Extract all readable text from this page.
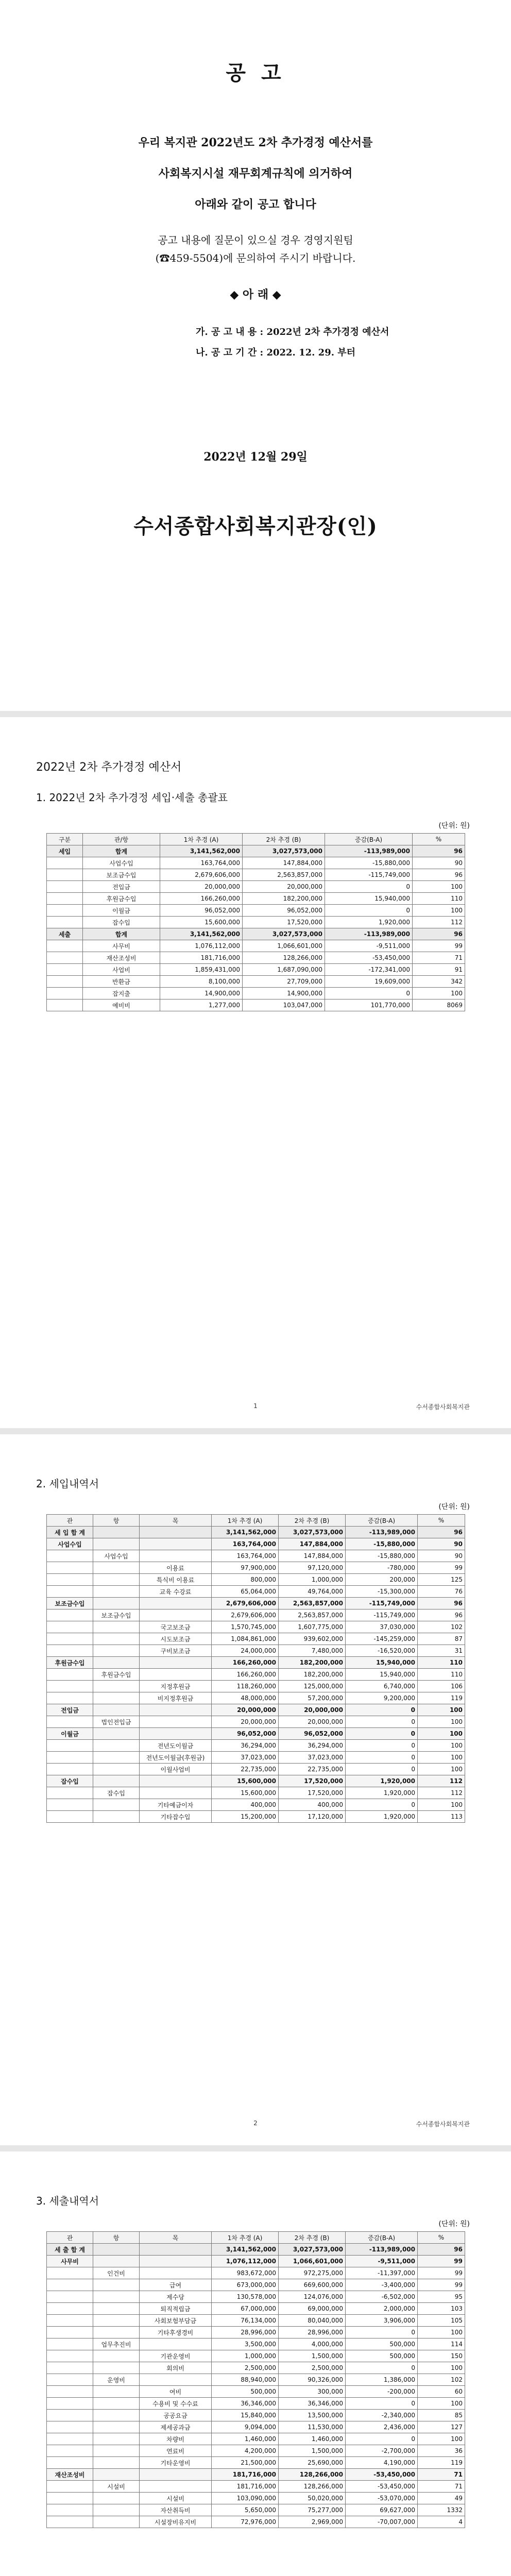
공 고
우리 복지관 2022년도 2차 추가경정 예산서를
사회복지시설 재무회계규칙에 의거하여
아래와 같이 공고 합니다
공고 내용에 질문이 있으실 경우 경영지원팀
(☎459-5504)에 문의하여 주시기 바랍니다.
◆ 아 래 ◆
가. 공 고 내 용 : 2022년 2차 추가경정 예산서
나. 공 고 기 간 : 2022. 12. 29. 부터
2022년 12월 29일
수서종합사회복지관장(인)
2022년 2차 추가경정 예산서
1. 2022년 2차 추가경정 세입·세출 총괄표
(단위: 원)
구분	관/항	1차 추경 (A)	2차 추경 (B)	증감(B-A)	%
세입	합계	3,141,562,000	3,027,573,000	-113,989,000	96
	사업수입	163,764,000	147,884,000	-15,880,000	90
	보조금수입	2,679,606,000	2,563,857,000	-115,749,000	96
	전입금	20,000,000	20,000,000	0	100
	후원금수입	166,260,000	182,200,000	15,940,000	110
	이월금	96,052,000	96,052,000	0	100
	잡수입	15,600,000	17,520,000	1,920,000	112
세출	합계	3,141,562,000	3,027,573,000	-113,989,000	96
	사무비	1,076,112,000	1,066,601,000	-9,511,000	99
	재산조성비	181,716,000	128,266,000	-53,450,000	71
	사업비	1,859,431,000	1,687,090,000	-172,341,000	91
	반환금	8,100,000	27,709,000	19,609,000	342
	잡지출	14,900,000	14,900,000	0	100
	예비비	1,277,000	103,047,000	101,770,000	8069
1	수서종합사회복지관
2. 세입내역서
(단위: 원)
관	항	목	1차 추경 (A)	2차 추경 (B)	증감(B-A)	%
세 입 합 계			3,141,562,000	3,027,573,000	-113,989,000	96
사업수입			163,764,000	147,884,000	-15,880,000	90
	사업수입		163,764,000	147,884,000	-15,880,000	90
		이용료	97,900,000	97,120,000	-780,000	99
		특식비 이용료	800,000	1,000,000	200,000	125
		교육 수강료	65,064,000	49,764,000	-15,300,000	76
보조금수입			2,679,606,000	2,563,857,000	-115,749,000	96
	보조금수입		2,679,606,000	2,563,857,000	-115,749,000	96
		국고보조금	1,570,745,000	1,607,775,000	37,030,000	102
		시도보조금	1,084,861,000	939,602,000	-145,259,000	87
		구비보조금	24,000,000	7,480,000	-16,520,000	31
후원금수입			166,260,000	182,200,000	15,940,000	110
	후원금수입		166,260,000	182,200,000	15,940,000	110
		지정후원금	118,260,000	125,000,000	6,740,000	106
		비지정후원금	48,000,000	57,200,000	9,200,000	119
전입금			20,000,000	20,000,000	0	100
	법인전입금		20,000,000	20,000,000	0	100
이월금			96,052,000	96,052,000	0	100
		전년도이월금	36,294,000	36,294,000	0	100
		전년도이월금(후원금)	37,023,000	37,023,000	0	100
		이월사업비	22,735,000	22,735,000	0	100
잡수입			15,600,000	17,520,000	1,920,000	112
	잡수입		15,600,000	17,520,000	1,920,000	112
		기타예금이자	400,000	400,000	0	100
		기타잡수입	15,200,000	17,120,000	1,920,000	113
2	수서종합사회복지관
3. 세출내역서
(단위: 원)
관	항	목	1차 추경 (A)	2차 추경 (B)	증감(B-A)	%
세 출 합 계			3,141,562,000	3,027,573,000	-113,989,000	96
사무비			1,076,112,000	1,066,601,000	-9,511,000	99
	인건비		983,672,000	972,275,000	-11,397,000	99
		급여	673,000,000	669,600,000	-3,400,000	99
		제수당	130,578,000	124,076,000	-6,502,000	95
		퇴직적립금	67,000,000	69,000,000	2,000,000	103
		사회보험부담금	76,134,000	80,040,000	3,906,000	105
		기타후생경비	28,996,000	28,996,000	0	100
	업무추진비		3,500,000	4,000,000	500,000	114
		기관운영비	1,000,000	1,500,000	500,000	150
		회의비	2,500,000	2,500,000	0	100
	운영비		88,940,000	90,326,000	1,386,000	102
		여비	500,000	300,000	-200,000	60
		수용비 및 수수료	36,346,000	36,346,000	0	100
		공공요금	15,840,000	13,500,000	-2,340,000	85
		제세공과금	9,094,000	11,530,000	2,436,000	127
		차량비	1,460,000	1,460,000	0	100
		연료비	4,200,000	1,500,000	-2,700,000	36
		기타운영비	21,500,000	25,690,000	4,190,000	119
재산조성비			181,716,000	128,266,000	-53,450,000	71
	시설비		181,716,000	128,266,000	-53,450,000	71
		시설비	103,090,000	50,020,000	-53,070,000	49
		자산취득비	5,650,000	75,277,000	69,627,000	1332
		시설장비유지비	72,976,000	2,969,000	-70,007,000	4
